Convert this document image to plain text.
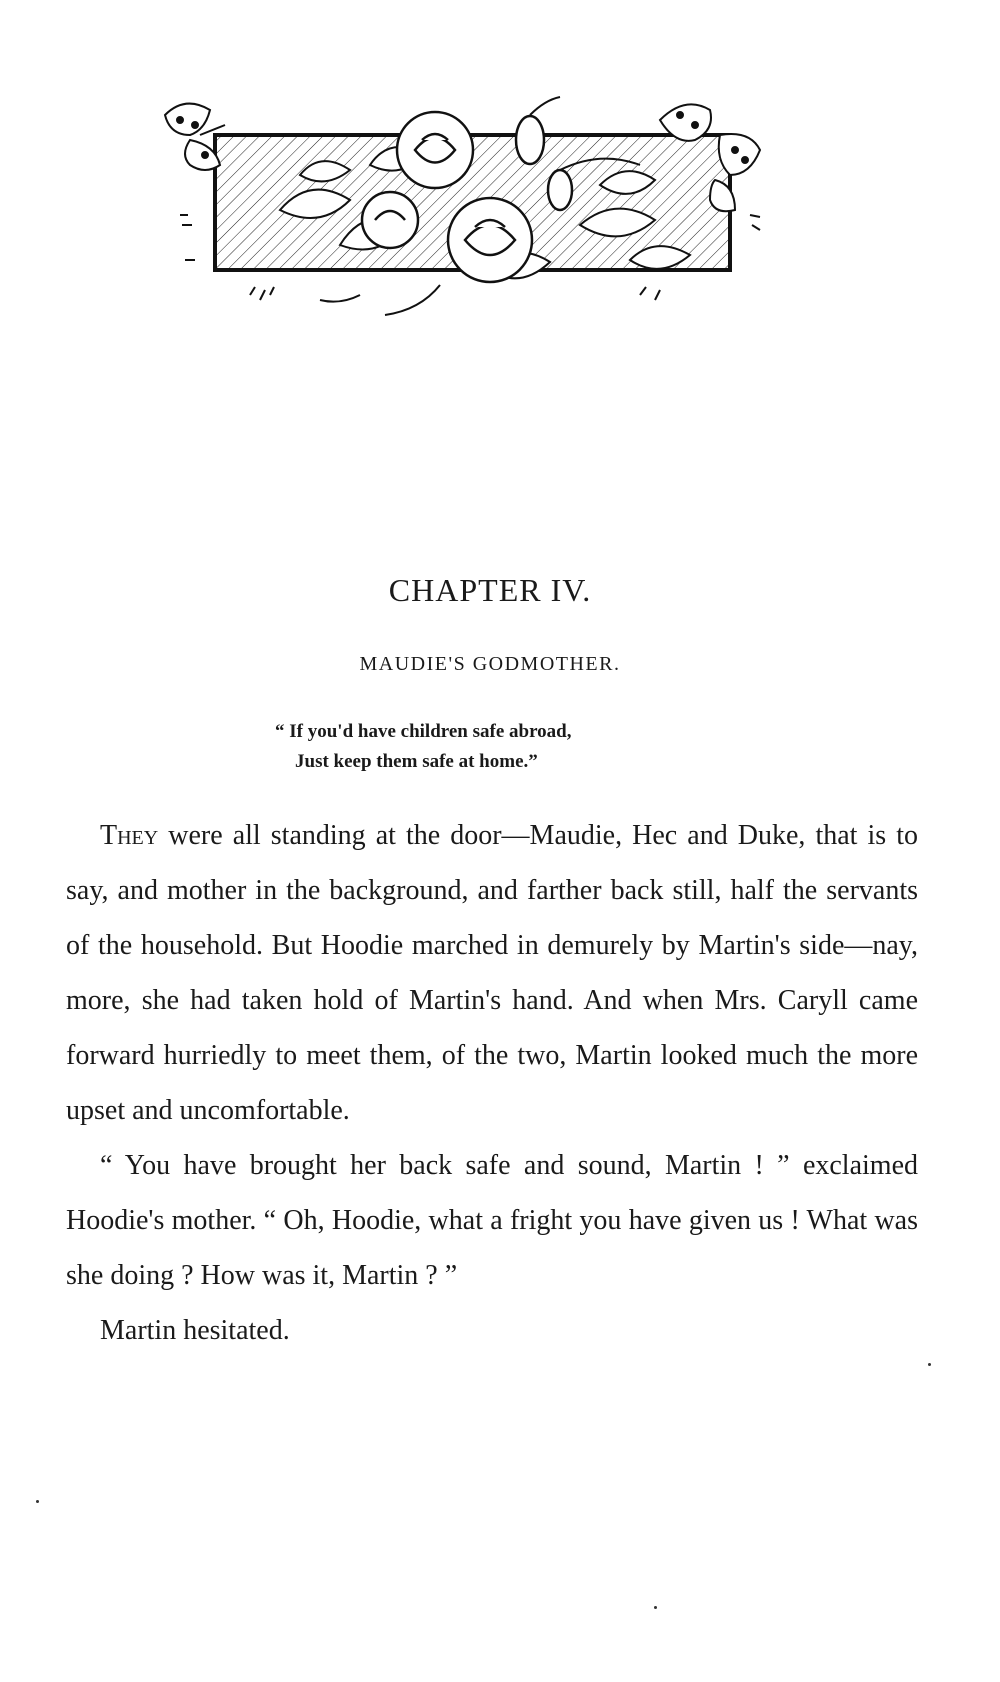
CHAPTER IV.
MAUDIE'S GODMOTHER.
“ If you'd have children safe abroad,
Just keep them safe at home.”

They were all standing at the door—Maudie, Hec and Duke, that is to say, and mother in the background, and farther back still, half the servants of the household. But Hoodie marched in demurely by Martin's side—nay, more, she had taken hold of Martin's hand. And when Mrs. Caryll came forward hurriedly to meet them, of the two, Martin looked much the more upset and uncomfortable.

“ You have brought her back safe and sound, Martin ! ” exclaimed Hoodie's mother. “ Oh, Hoodie, what a fright you have given us ! What was she doing ? How was it, Martin ? ”

Martin hesitated.
